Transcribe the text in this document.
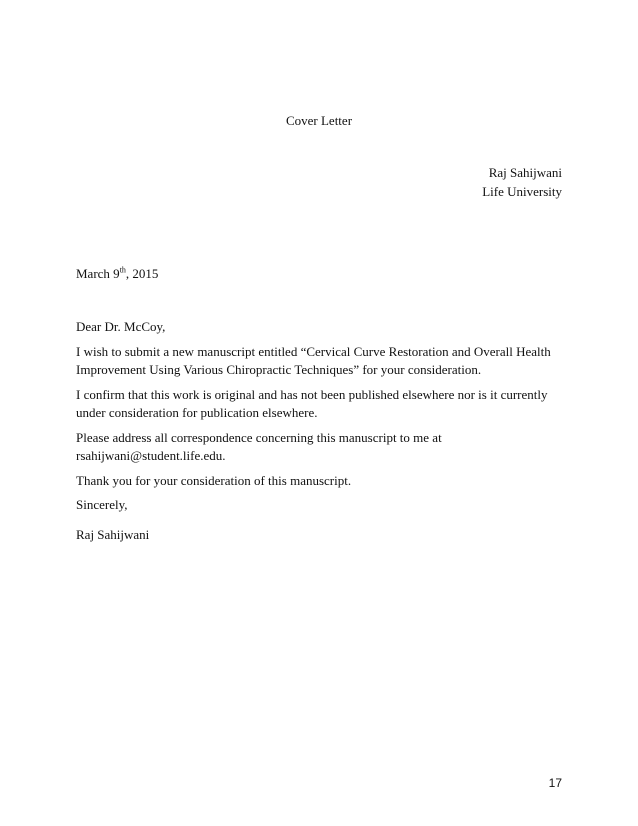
Cover Letter
Raj Sahijwani
Life University
March 9th, 2015

Dear Dr. McCoy,

I wish to submit a new manuscript entitled “Cervical Curve Restoration and Overall Health Improvement Using Various Chiropractic Techniques” for your consideration.

I confirm that this work is original and has not been published elsewhere nor is it currently under consideration for publication elsewhere.

Please address all correspondence concerning this manuscript to me at rsahijwani@student.life.edu.

Thank you for your consideration of this manuscript.

Sincerely,

Raj Sahijwani
17
